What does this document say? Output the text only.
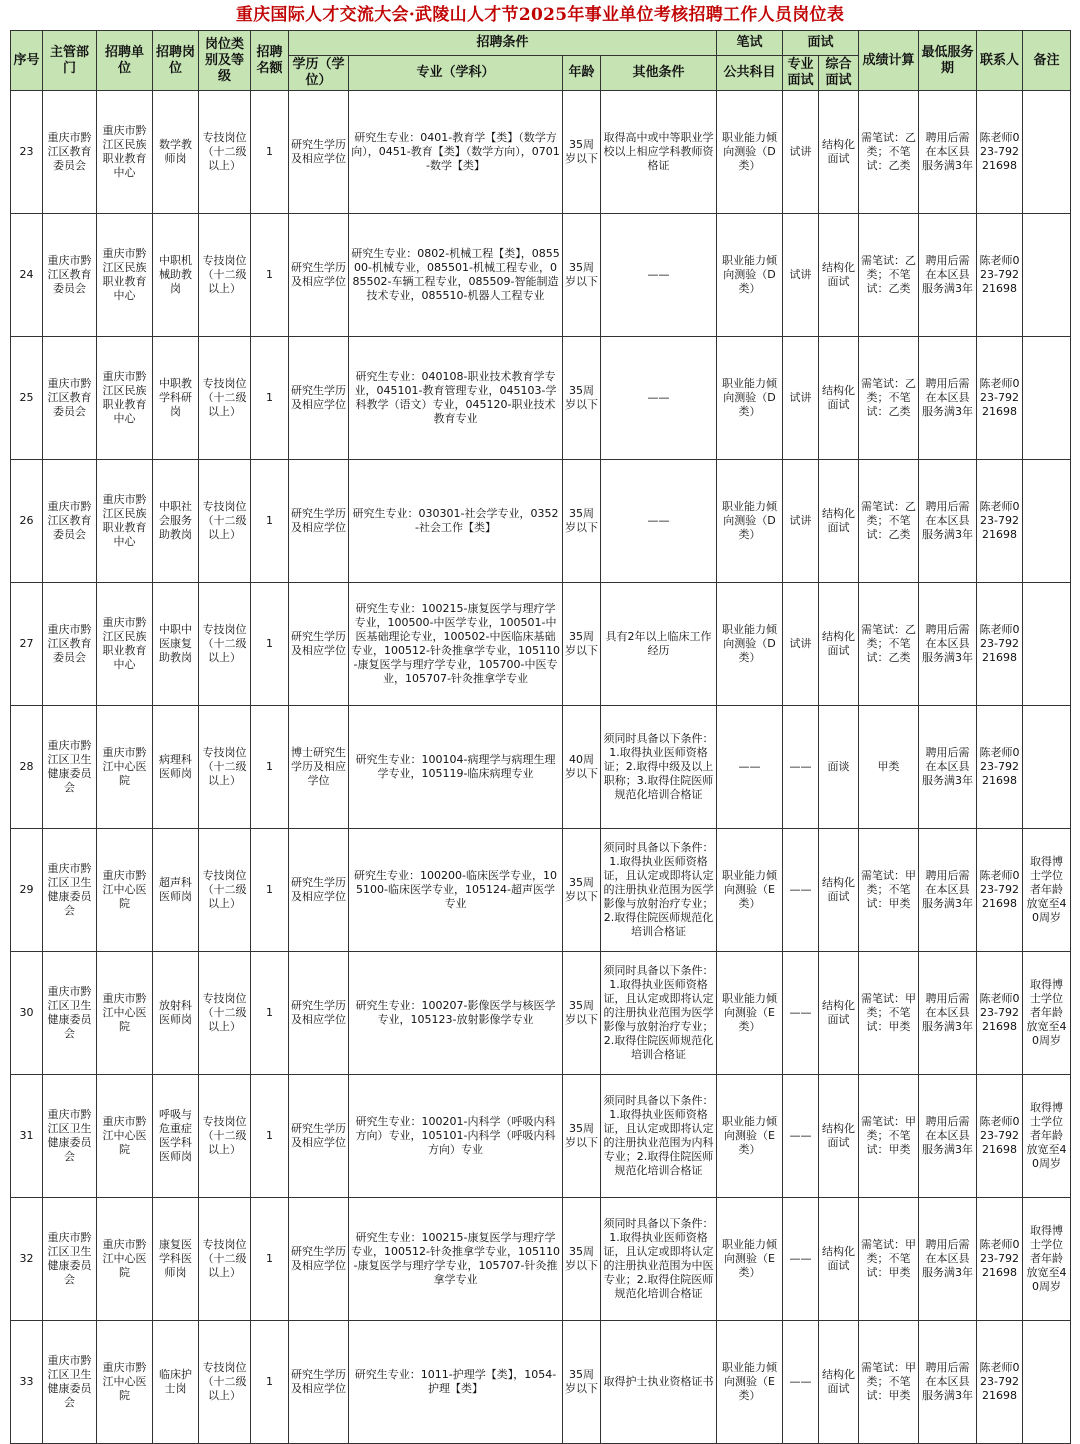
重庆国际人才交流大会·武陵山人才节2025年事业单位考核招聘工作人员岗位表
序号	主管部门	招聘单位	招聘岗位	岗位类别及等级	招聘名额	招聘条件				笔试	面试		成绩计算	最低服务期	联系人	备注
						学历（学位）	专业（学科）	年龄	其他条件	公共科目	专业面试	综合面试				
23	重庆市黔江区教育委员会	重庆市黔江区民族职业教育中心	数学教师岗	专技岗位（十二级以上）	1	研究生学历及相应学位	研究生专业：0401-教育学【类】（数学方向），0451-教育【类】（数学方向），0701-数学【类】	35周岁以下	取得高中或中等职业学校以上相应学科教师资格证	职业能力倾向测验（D类）	试讲	结构化面试	需笔试：乙类；不笔试：乙类	聘用后需在本区县服务满3年	陈老师023-79221698	
24	重庆市黔江区教育委员会	重庆市黔江区民族职业教育中心	中职机械助教岗	专技岗位（十二级以上）	1	研究生学历及相应学位	研究生专业：0802-机械工程【类】，085500-机械专业，085501-机械工程专业，085502-车辆工程专业，085509-智能制造技术专业，085510-机器人工程专业	35周岁以下	——	职业能力倾向测验（D类）	试讲	结构化面试	需笔试：乙类；不笔试：乙类	聘用后需在本区县服务满3年	陈老师023-79221698	
25	重庆市黔江区教育委员会	重庆市黔江区民族职业教育中心	中职教学科研岗	专技岗位（十二级以上）	1	研究生学历及相应学位	研究生专业：040108-职业技术教育学专业，045101-教育管理专业，045103-学科教学（语文）专业，045120-职业技术教育专业	35周岁以下	——	职业能力倾向测验（D类）	试讲	结构化面试	需笔试：乙类；不笔试：乙类	聘用后需在本区县服务满3年	陈老师023-79221698	
26	重庆市黔江区教育委员会	重庆市黔江区民族职业教育中心	中职社会服务助教岗	专技岗位（十二级以上）	1	研究生学历及相应学位	研究生专业：030301-社会学专业，0352-社会工作【类】	35周岁以下	——	职业能力倾向测验（D类）	试讲	结构化面试	需笔试：乙类；不笔试：乙类	聘用后需在本区县服务满3年	陈老师023-79221698	
27	重庆市黔江区教育委员会	重庆市黔江区民族职业教育中心	中职中医康复助教岗	专技岗位（十二级以上）	1	研究生学历及相应学位	研究生专业：100215-康复医学与理疗学专业，100500-中医学专业，100501-中医基础理论专业，100502-中医临床基础专业，100512-针灸推拿学专业，105110-康复医学与理疗学专业，105700-中医专业，105707-针灸推拿学专业	35周岁以下	具有2年以上临床工作经历	职业能力倾向测验（D类）	试讲	结构化面试	需笔试：乙类；不笔试：乙类	聘用后需在本区县服务满3年	陈老师023-79221698	
28	重庆市黔江区卫生健康委员会	重庆市黔江中心医院	病理科医师岗	专技岗位（十二级以上）	1	博士研究生学历及相应学位	研究生专业：100104-病理学与病理生理学专业，105119-临床病理专业	40周岁以下	须同时具备以下条件：1.取得执业医师资格证；2.取得中级及以上职称；3.取得住院医师规范化培训合格证	——	——	面谈	甲类	聘用后需在本区县服务满3年	陈老师023-79221698	
29	重庆市黔江区卫生健康委员会	重庆市黔江中心医院	超声科医师岗	专技岗位（十二级以上）	1	研究生学历及相应学位	研究生专业：100200-临床医学专业，105100-临床医学专业，105124-超声医学专业	35周岁以下	须同时具备以下条件：1.取得执业医师资格证，且认定或即将认定的注册执业范围为医学影像与放射治疗专业；2.取得住院医师规范化培训合格证	职业能力倾向测验（E类）	——	结构化面试	需笔试：甲类；不笔试：甲类	聘用后需在本区县服务满3年	陈老师023-79221698	取得博士学位者年龄放宽至40周岁
30	重庆市黔江区卫生健康委员会	重庆市黔江中心医院	放射科医师岗	专技岗位（十二级以上）	1	研究生学历及相应学位	研究生专业：100207-影像医学与核医学专业，105123-放射影像学专业	35周岁以下	须同时具备以下条件：1.取得执业医师资格证，且认定或即将认定的注册执业范围为医学影像与放射治疗专业；2.取得住院医师规范化培训合格证	职业能力倾向测验（E类）	——	结构化面试	需笔试：甲类；不笔试：甲类	聘用后需在本区县服务满3年	陈老师023-79221698	取得博士学位者年龄放宽至40周岁
31	重庆市黔江区卫生健康委员会	重庆市黔江中心医院	呼吸与危重症医学科医师岗	专技岗位（十二级以上）	1	研究生学历及相应学位	研究生专业：100201-内科学（呼吸内科方向）专业，105101-内科学（呼吸内科方向）专业	35周岁以下	须同时具备以下条件：1.取得执业医师资格证，且认定或即将认定的注册执业范围为内科专业；2.取得住院医师规范化培训合格证	职业能力倾向测验（E类）	——	结构化面试	需笔试：甲类；不笔试：甲类	聘用后需在本区县服务满3年	陈老师023-79221698	取得博士学位者年龄放宽至40周岁
32	重庆市黔江区卫生健康委员会	重庆市黔江中心医院	康复医学科医师岗	专技岗位（十二级以上）	1	研究生学历及相应学位	研究生专业：100215-康复医学与理疗学专业，100512-针灸推拿学专业，105110-康复医学与理疗学专业，105707-针灸推拿学专业	35周岁以下	须同时具备以下条件：1.取得执业医师资格证，且认定或即将认定的注册执业范围为中医专业；2.取得住院医师规范化培训合格证	职业能力倾向测验（E类）	——	结构化面试	需笔试：甲类；不笔试：甲类	聘用后需在本区县服务满3年	陈老师023-79221698	取得博士学位者年龄放宽至40周岁
33	重庆市黔江区卫生健康委员会	重庆市黔江中心医院	临床护士岗	专技岗位（十二级以上）	1	研究生学历及相应学位	研究生专业：1011-护理学【类】，1054-护理【类】	35周岁以下	取得护士执业资格证书	职业能力倾向测验（E类）	——	结构化面试	需笔试：甲类；不笔试：甲类	聘用后需在本区县服务满3年	陈老师023-79221698	
